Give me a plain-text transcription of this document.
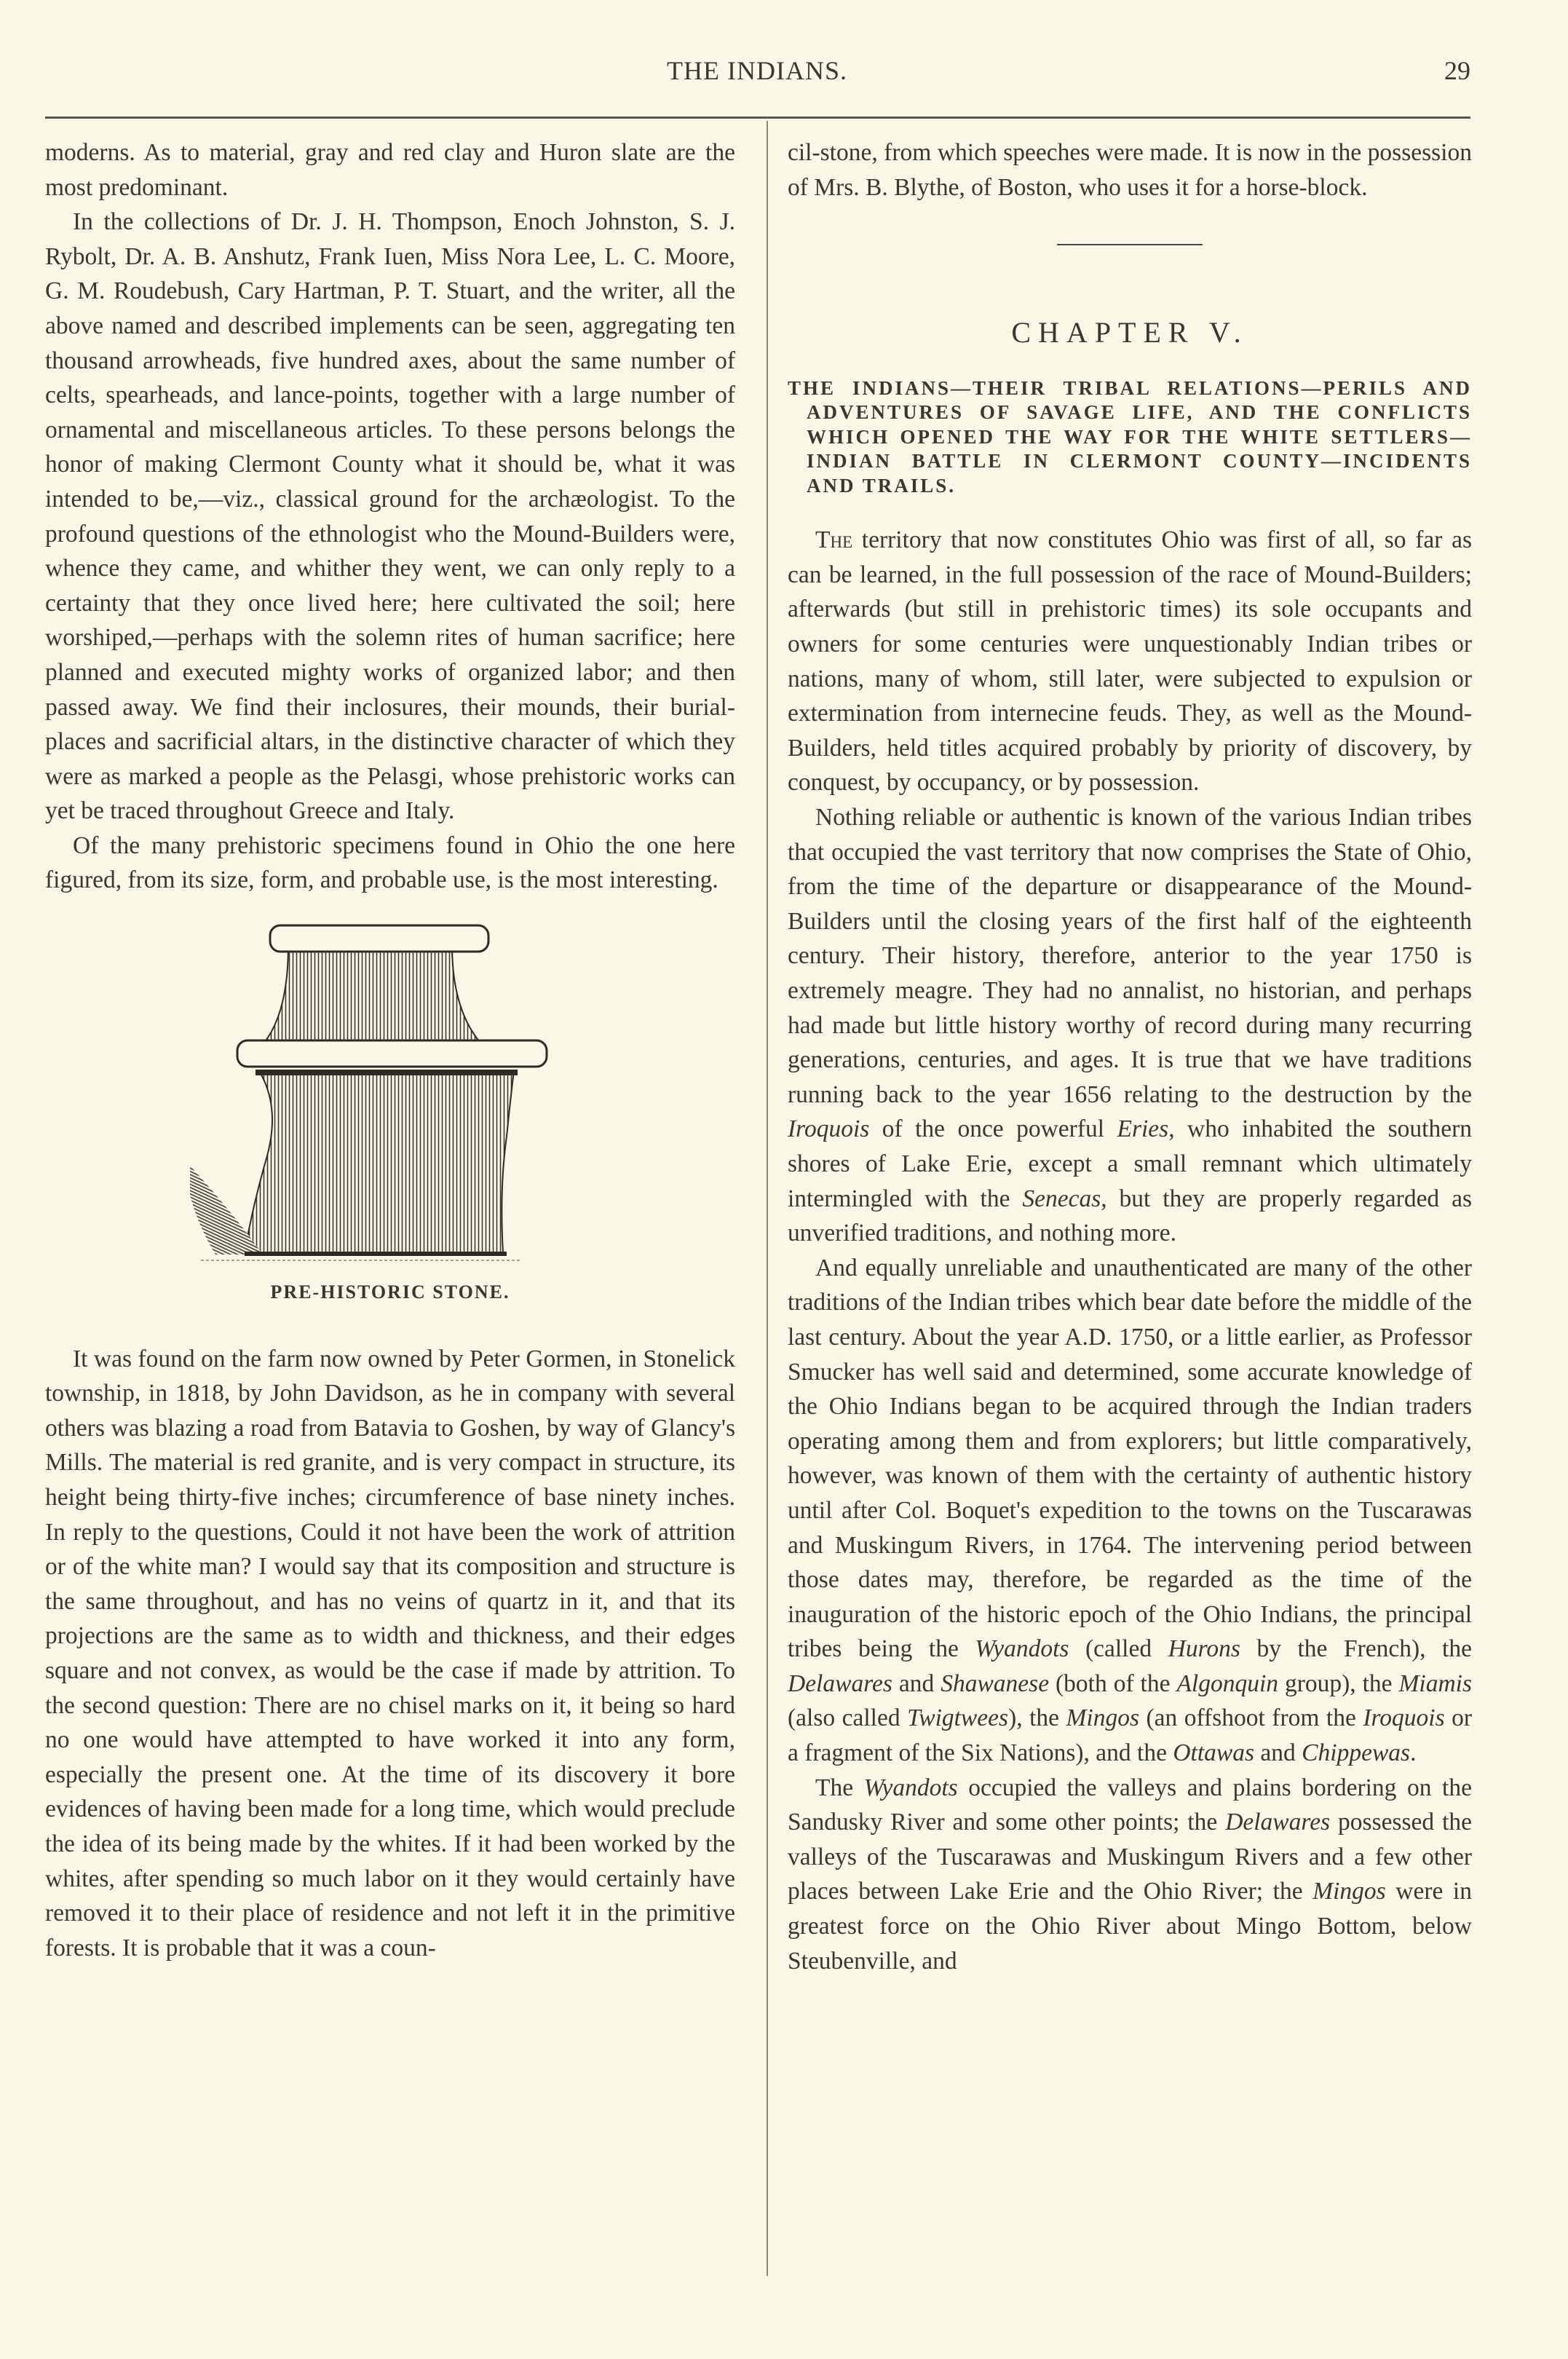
THE INDIANS.	29

moderns. As to material, gray and red clay and Huron slate are the most predominant.

In the collections of Dr. J. H. Thompson, Enoch Johnston, S. J. Rybolt, Dr. A. B. Anshutz, Frank Iuen, Miss Nora Lee, L. C. Moore, G. M. Roudebush, Cary Hartman, P. T. Stuart, and the writer, all the above named and described implements can be seen, aggregating ten thousand arrowheads, five hundred axes, about the same number of celts, spearheads, and lance-points, together with a large number of ornamental and miscellaneous articles. To these persons belongs the honor of making Clermont County what it should be, what it was intended to be,—viz., classical ground for the archæologist. To the profound questions of the ethnologist who the Mound-Builders were, whence they came, and whither they went, we can only reply to a certainty that they once lived here; here cultivated the soil; here worshiped,—perhaps with the solemn rites of human sacrifice; here planned and executed mighty works of organized labor; and then passed away. We find their inclosures, their mounds, their burial-places and sacrificial altars, in the distinctive character of which they were as marked a people as the Pelasgi, whose prehistoric works can yet be traced throughout Greece and Italy.

Of the many prehistoric specimens found in Ohio the one here figured, from its size, form, and probable use, is the most interesting.

PRE-HISTORIC STONE.

It was found on the farm now owned by Peter Gormen, in Stonelick township, in 1818, by John Davidson, as he in company with several others was blazing a road from Batavia to Goshen, by way of Glancy's Mills. The material is red granite, and is very compact in structure, its height being thirty-five inches; circumference of base ninety inches. In reply to the questions, Could it not have been the work of attrition or of the white man? I would say that its composition and structure is the same throughout, and has no veins of quartz in it, and that its projections are the same as to width and thickness, and their edges square and not convex, as would be the case if made by attrition. To the second question: There are no chisel marks on it, it being so hard no one would have attempted to have worked it into any form, especially the present one. At the time of its discovery it bore evidences of having been made for a long time, which would preclude the idea of its being made by the whites. If it had been worked by the whites, after spending so much labor on it they would certainly have removed it to their place of residence and not left it in the primitive forests. It is probable that it was a coun-

cil-stone, from which speeches were made. It is now in the possession of Mrs. B. Blythe, of Boston, who uses it for a horse-block.

CHAPTER V.
THE INDIANS—THEIR TRIBAL RELATIONS—PERILS AND ADVENTURES OF SAVAGE LIFE, AND THE CONFLICTS WHICH OPENED THE WAY FOR THE WHITE SETTLERS—INDIAN BATTLE IN CLERMONT COUNTY—INCIDENTS AND TRAILS.

The territory that now constitutes Ohio was first of all, so far as can be learned, in the full possession of the race of Mound-Builders; afterwards (but still in prehistoric times) its sole occupants and owners for some centuries were unquestionably Indian tribes or nations, many of whom, still later, were subjected to expulsion or extermination from internecine feuds. They, as well as the Mound-Builders, held titles acquired probably by priority of discovery, by conquest, by occupancy, or by possession.

Nothing reliable or authentic is known of the various Indian tribes that occupied the vast territory that now comprises the State of Ohio, from the time of the departure or disappearance of the Mound-Builders until the closing years of the first half of the eighteenth century. Their history, therefore, anterior to the year 1750 is extremely meagre. They had no annalist, no historian, and perhaps had made but little history worthy of record during many recurring generations, centuries, and ages. It is true that we have traditions running back to the year 1656 relating to the destruction by the Iroquois of the once powerful Eries, who inhabited the southern shores of Lake Erie, except a small remnant which ultimately intermingled with the Senecas, but they are properly regarded as unverified traditions, and nothing more.

And equally unreliable and unauthenticated are many of the other traditions of the Indian tribes which bear date before the middle of the last century. About the year A.D. 1750, or a little earlier, as Professor Smucker has well said and determined, some accurate knowledge of the Ohio Indians began to be acquired through the Indian traders operating among them and from explorers; but little comparatively, however, was known of them with the certainty of authentic history until after Col. Boquet's expedition to the towns on the Tuscarawas and Muskingum Rivers, in 1764. The intervening period between those dates may, therefore, be regarded as the time of the inauguration of the historic epoch of the Ohio Indians, the principal tribes being the Wyandots (called Hurons by the French), the Delawares and Shawanese (both of the Algonquin group), the Miamis (also called Twigtwees), the Mingos (an offshoot from the Iroquois or a fragment of the Six Nations), and the Ottawas and Chippewas.

The Wyandots occupied the valleys and plains bordering on the Sandusky River and some other points; the Delawares possessed the valleys of the Tuscarawas and Muskingum Rivers and a few other places between Lake Erie and the Ohio River; the Mingos were in greatest force on the Ohio River about Mingo Bottom, below Steubenville, and
